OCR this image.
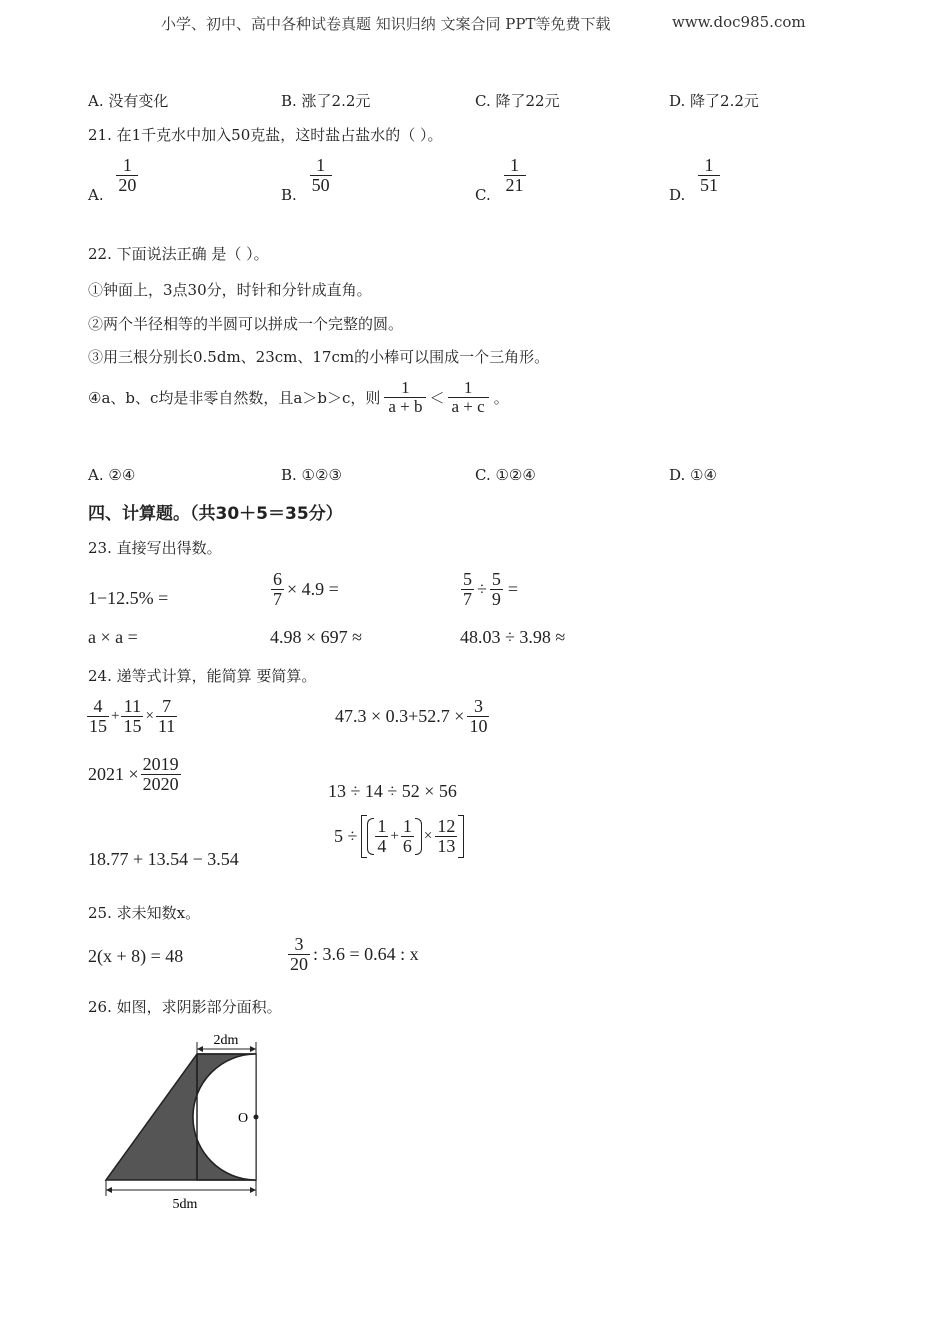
小学、初中、高中各种试卷真题 知识归纳 文案合同 PPT等免费下载	www.doc985.com
A. 没有变化	B. 涨了2.2元	C. 降了22元	D. 降了2.2元
21. 在1千克水中加入50克盐，这时盐占盐水的（ ）。
A.
$\frac{1}{20}$
B.
$\frac{1}{50}$
C.
$\frac{1}{21}$
D.
$\frac{1}{51}$
22. 下面说法正确 是（ ）。
①钟面上，3点30分，时针和分针成直角。
②两个半径相等的半圆可以拼成一个完整的圆。
③用三根分别长0.5dm、23cm、17cm的小棒可以围成一个三角形。
④a、b、c均是非零自然数，且a＞b＞c，则 $\frac{1}{a + b} < \frac{1}{a + c}$ 。
A. ②④	B. ①②③	C. ①②④	D. ①④
四、计算题。（共30＋5＝35分）
23. 直接写出得数。
1−12.5% =	$\frac{6}{7} \times 4.9$ =	$\frac{5}{7} \div \frac{5}{9}$ =
a × a =	4.98 × 697 ≈	48.03 ÷ 3.98 ≈
24. 递等式计算，能简算 要简算。
$\frac{4}{15} + \frac{11}{15} \times \frac{7}{11}$	$47.3 \times 0.3+52.7 \times \frac{3}{10}$
$2021 \times \frac{2019}{2020}$	13 ÷ 14 ÷ 52 × 56
18.77 + 13.54 − 3.54
$5 \div \frac{1}{4} + \frac{1}{6} \times \frac{12}{13}$
25. 求未知数x。
2(x + 8) = 48	$\frac{3}{20}$ : 3.6 = 0.64 : x
26. 如图，求阴影部分面积。
2dm
O
5dm
